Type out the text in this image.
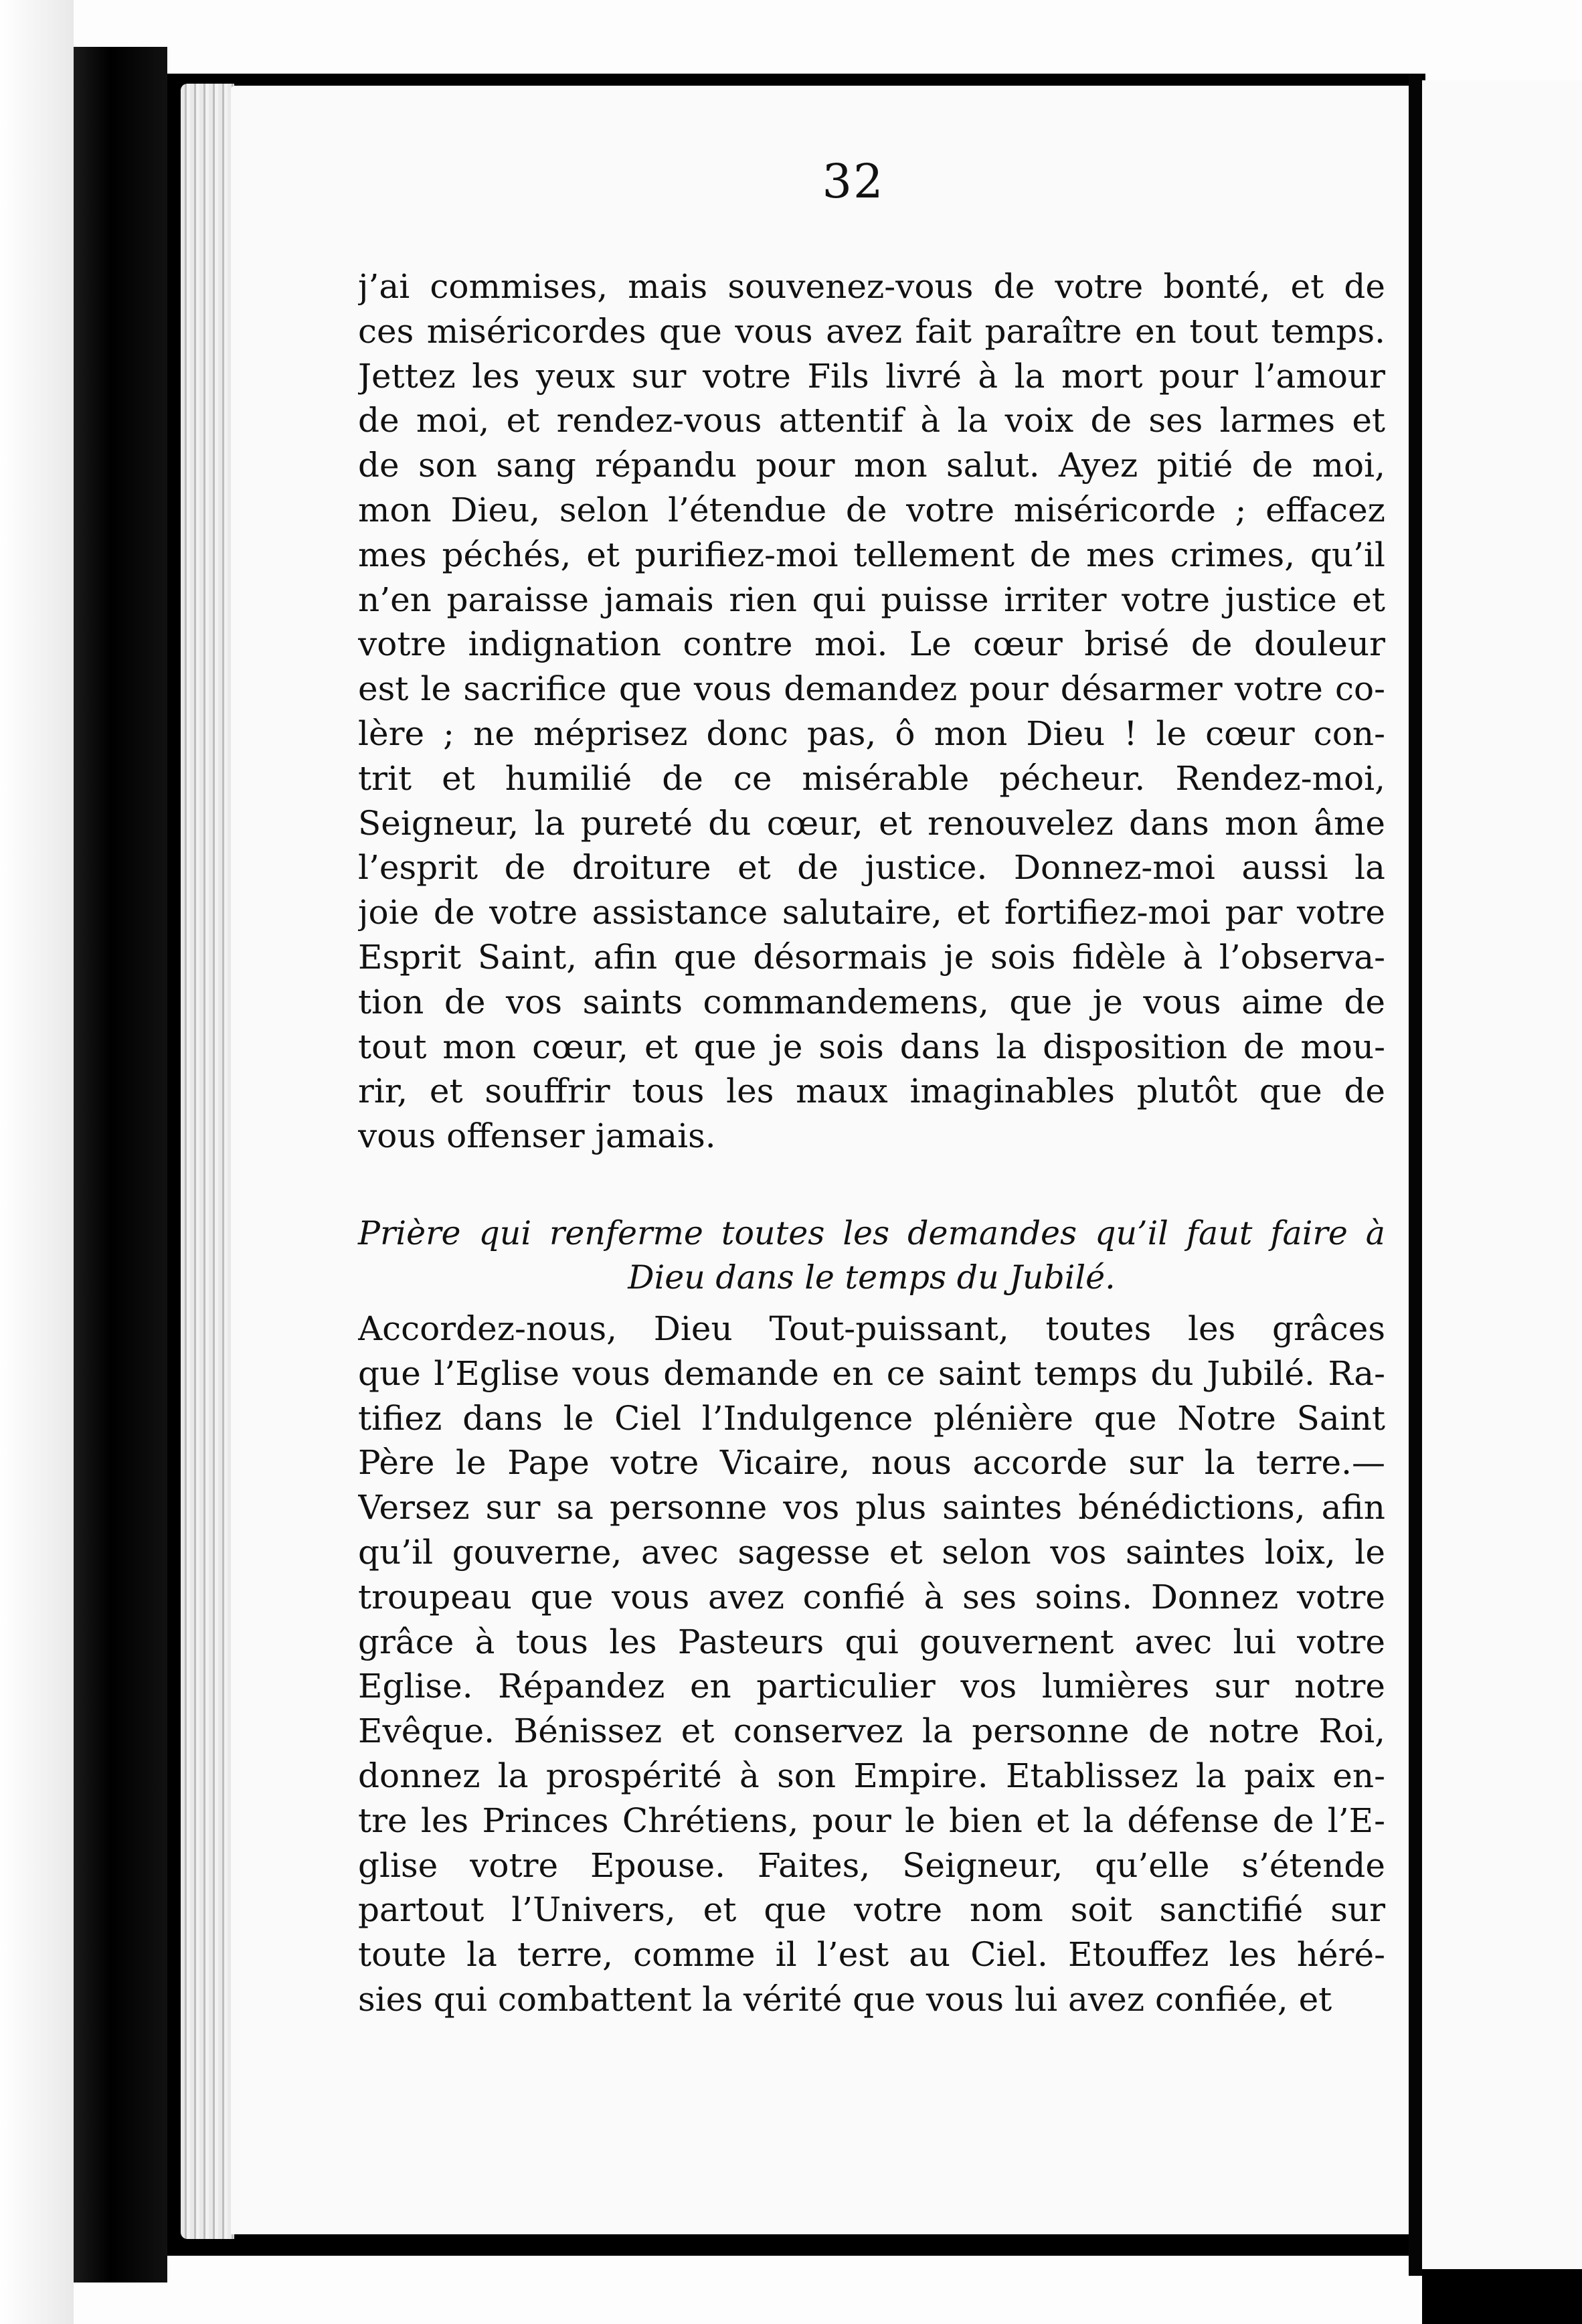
32
j’ai commises, mais souvenez-vous de votre bonté, et de
ces miséricordes que vous avez fait paraître en tout temps.
Jettez les yeux sur votre Fils livré à la mort pour l’amour
de moi, et rendez-vous attentif à la voix de ses larmes et
de son sang répandu pour mon salut. Ayez pitié de moi,
mon Dieu, selon l’étendue de votre miséricorde ; effacez
mes péchés, et purifiez-moi tellement de mes crimes, qu’il
n’en paraisse jamais rien qui puisse irriter votre justice et
votre indignation contre moi. Le cœur brisé de douleur
est le sacrifice que vous demandez pour désarmer votre co-
lère ; ne méprisez donc pas, ô mon Dieu ! le cœur con-
trit et humilié de ce misérable pécheur. Rendez-moi,
Seigneur, la pureté du cœur, et renouvelez dans mon âme
l’esprit de droiture et de justice. Donnez-moi aussi la
joie de votre assistance salutaire, et fortifiez-moi par votre
Esprit Saint, afin que désormais je sois fidèle à l’observa-
tion de vos saints commandemens, que je vous aime de
tout mon cœur, et que je sois dans la disposition de mou-
rir, et souffrir tous les maux imaginables plutôt que de
vous offenser jamais.
Prière qui renferme toutes les demandes qu’il faut faire à
Dieu dans le temps du Jubilé.
Accordez-nous, Dieu Tout-puissant, toutes les grâces
que l’Eglise vous demande en ce saint temps du Jubilé. Ra-
tifiez dans le Ciel l’Indulgence plénière que Notre Saint
Père le Pape votre Vicaire, nous accorde sur la terre.—
Versez sur sa personne vos plus saintes bénédictions, afin
qu’il gouverne, avec sagesse et selon vos saintes loix, le
troupeau que vous avez confié à ses soins. Donnez votre
grâce à tous les Pasteurs qui gouvernent avec lui votre
Eglise. Répandez en particulier vos lumières sur notre
Evêque. Bénissez et conservez la personne de notre Roi,
donnez la prospérité à son Empire. Etablissez la paix en-
tre les Princes Chrétiens, pour le bien et la défense de l’E-
glise votre Epouse. Faites, Seigneur, qu’elle s’étende
partout l’Univers, et que votre nom soit sanctifié sur
toute la terre, comme il l’est au Ciel. Etouffez les héré-
sies qui combattent la vérité que vous lui avez confiée, et
